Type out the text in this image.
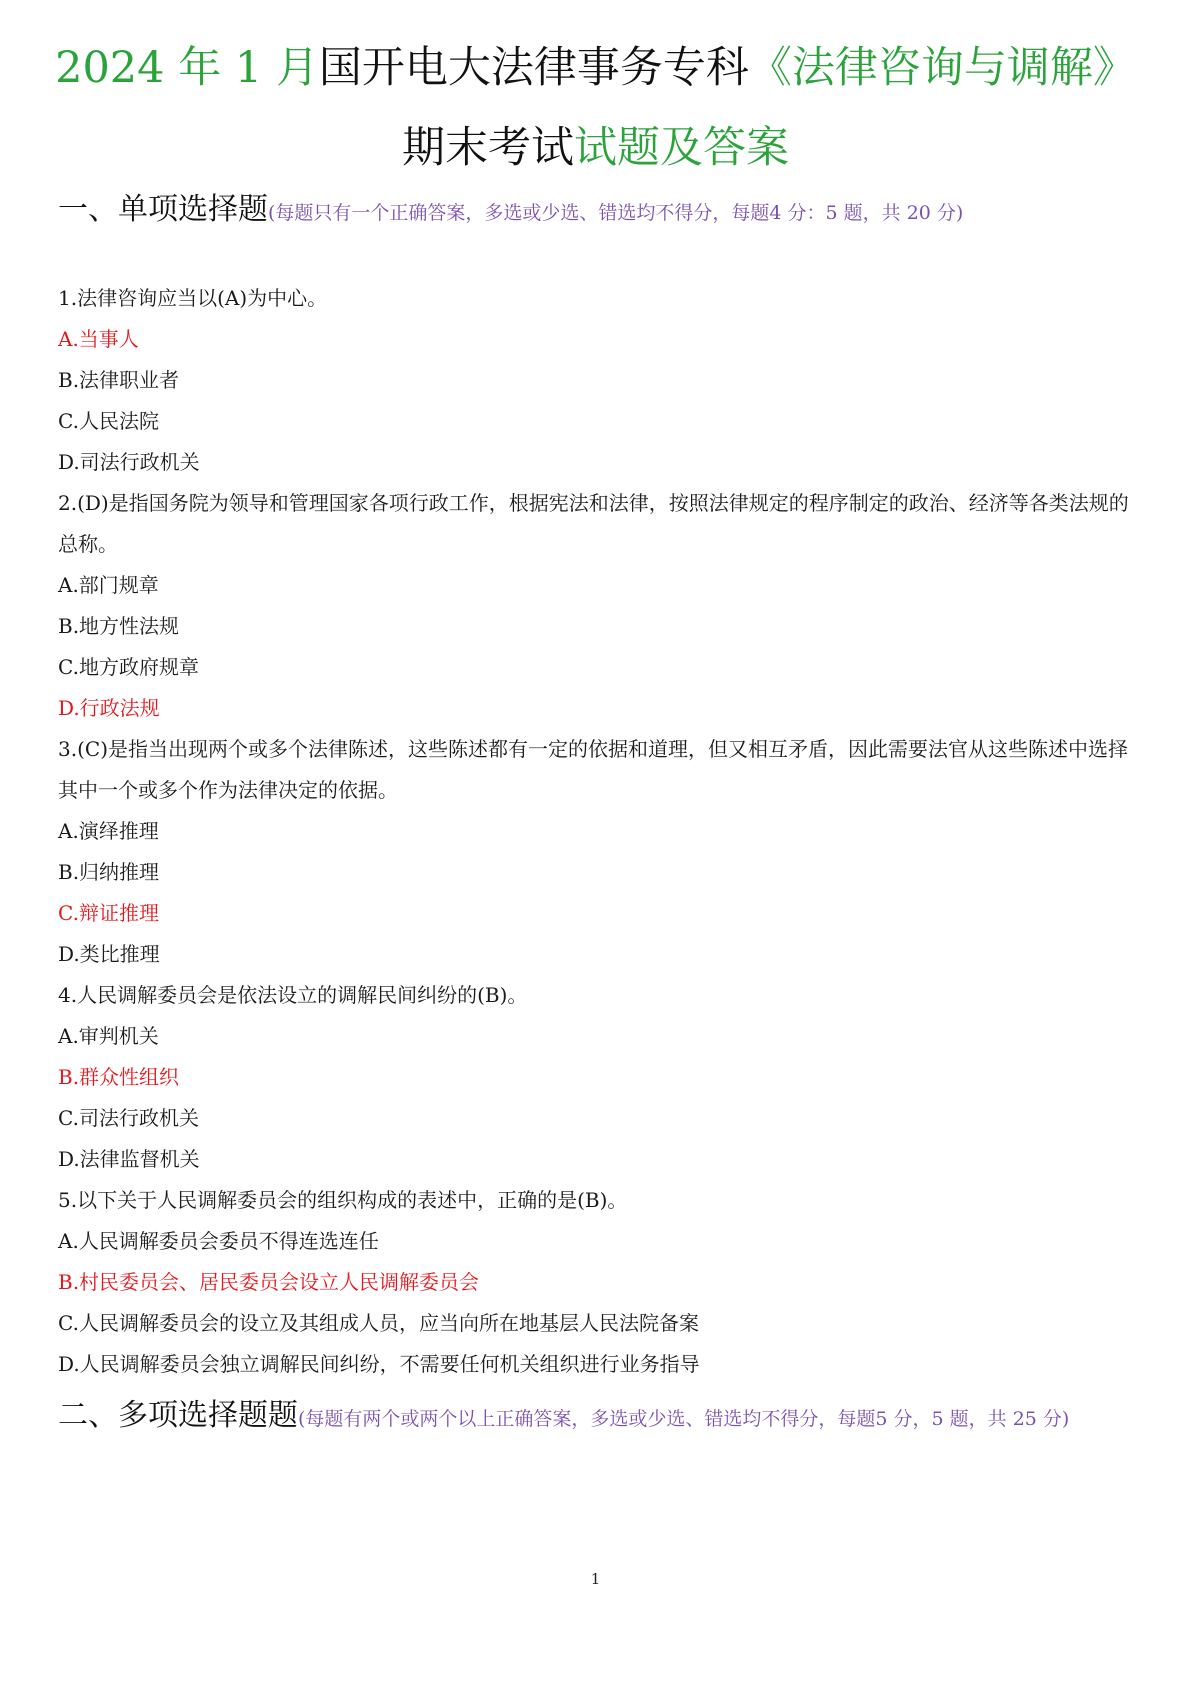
2024 年 1 月国开电大法律事务专科《法律咨询与调解》
期末考试试题及答案
一、单项选择题(每题只有一个正确答案，多选或少选、错选均不得分，每题4 分：5 题，共 20 分)
1.法律咨询应当以(A)为中心。
A.当事人
B.法律职业者
C.人民法院
D.司法行政机关
2.(D)是指国务院为领导和管理国家各项行政工作，根据宪法和法律，按照法律规定的程序制定的政治、经济等各类法规的总称。
A.部门规章
B.地方性法规
C.地方政府规章
D.行政法规
3.(C)是指当出现两个或多个法律陈述，这些陈述都有一定的依据和道理，但又相互矛盾，因此需要法官从这些陈述中选择其中一个或多个作为法律决定的依据。
A.演绎推理
B.归纳推理
C.辩证推理
D.类比推理
4.人民调解委员会是依法设立的调解民间纠纷的(B)。
A.审判机关
B.群众性组织
C.司法行政机关
D.法律监督机关
5.以下关于人民调解委员会的组织构成的表述中，正确的是(B)。
A.人民调解委员会委员不得连选连任
B.村民委员会、居民委员会设立人民调解委员会
C.人民调解委员会的设立及其组成人员，应当向所在地基层人民法院备案
D.人民调解委员会独立调解民间纠纷，不需要任何机关组织进行业务指导
二、多项选择题题(每题有两个或两个以上正确答案，多选或少选、错选均不得分，每题5 分，5 题，共 25 分)
1
